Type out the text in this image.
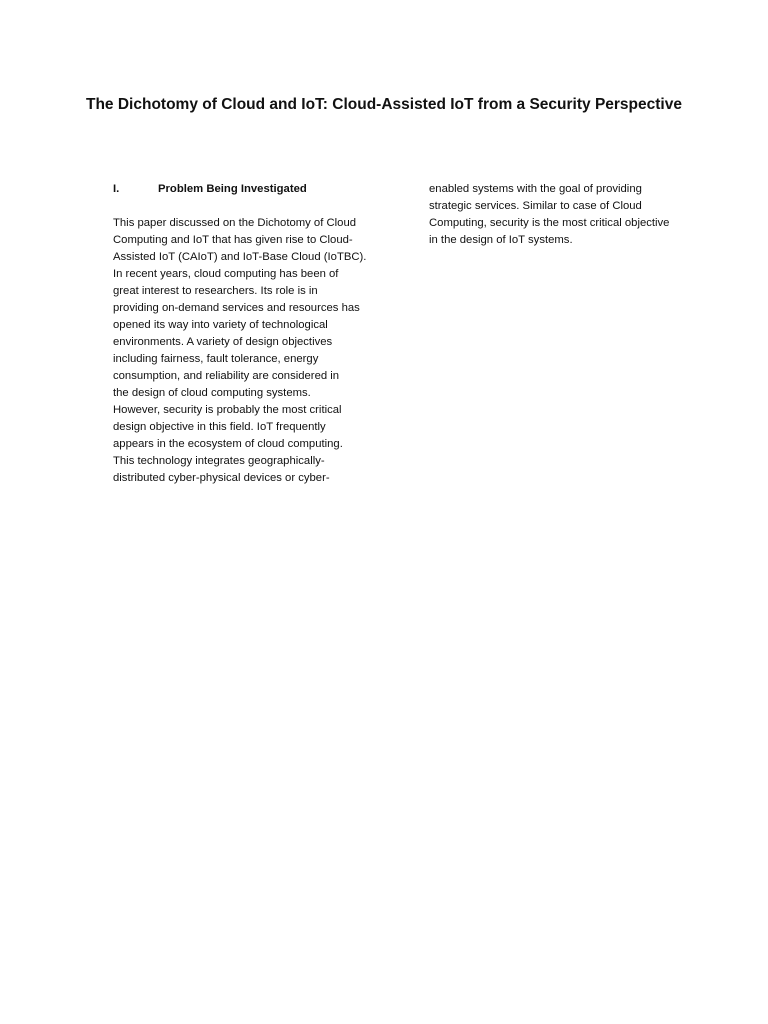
The Dichotomy of Cloud and IoT: Cloud-Assisted IoT from a Security Perspective
I.	Problem Being Investigated

This paper discussed on the Dichotomy of Cloud

Computing and IoT that has given rise to Cloud-

Assisted IoT (CAIoT) and IoT-Base Cloud (IoTBC).

In recent years, cloud computing has been of

great interest to researchers. Its role is in

providing on-demand services and resources has

opened its way into variety of technological

environments. A variety of design objectives

including fairness, fault tolerance, energy

consumption, and reliability are considered in

the design of cloud computing systems.

However, security is probably the most critical

design objective in this field. IoT frequently

appears in the ecosystem of cloud computing.

This technology integrates geographically-

distributed cyber-physical devices or cyber-

enabled systems with the goal of providing

strategic services. Similar to case of Cloud

Computing, security is the most critical objective

in the design of IoT systems.
